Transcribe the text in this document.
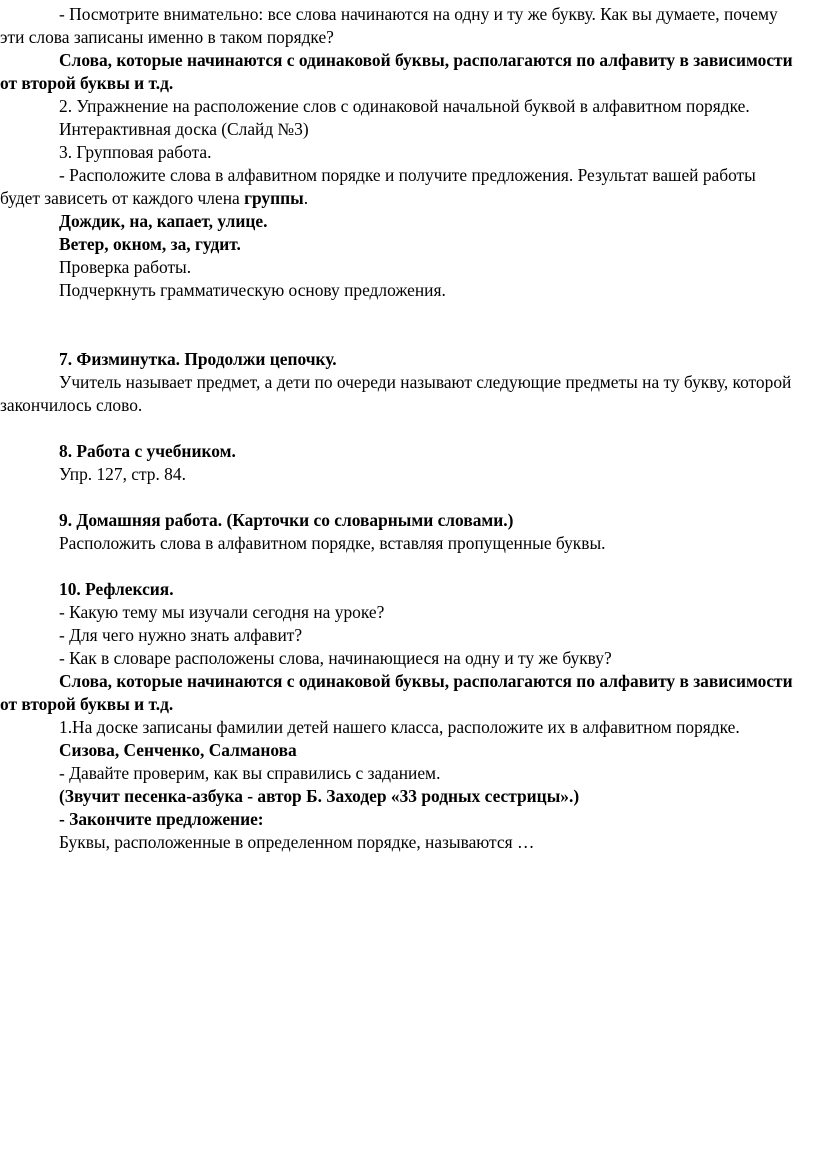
- Посмотрите внимательно: все слова начинаются на одну и ту же букву. Как вы думаете, почему эти слова записаны именно в таком порядке?

Слова, которые начинаются с одинаковой буквы, располагаются по алфавиту в зависимости от второй буквы и т.д.

2. Упражнение на расположение слов с одинаковой начальной буквой в алфавитном порядке.

Интерактивная доска (Слайд №3)

3. Групповая работа.

- Расположите слова в алфавитном порядке и получите предложения. Результат вашей работы будет зависеть от каждого члена группы.

Дождик, на, капает, улице.

Ветер, окном, за, гудит.

Проверка работы.

Подчеркнуть грамматическую основу предложения.

7. Физминутка. Продолжи цепочку.

Учитель называет предмет, а дети по очереди называют следующие предметы на ту букву, которой закончилось слово.

8. Работа с учебником.

Упр. 127, стр. 84.

9. Домашняя работа. (Карточки со словарными словами.)

Расположить слова в алфавитном порядке, вставляя пропущенные буквы.

10. Рефлексия.

- Какую тему мы изучали сегодня на уроке?

- Для чего нужно знать алфавит?

- Как в словаре расположены слова, начинающиеся на одну и ту же букву?

Слова, которые начинаются с одинаковой буквы, располагаются по алфавиту в зависимости от второй буквы и т.д.

1.На доске записаны фамилии детей нашего класса, расположите их в алфавитном порядке.

Сизова, Сенченко, Салманова

- Давайте проверим, как вы справились с заданием.

(Звучит песенка-азбука - автор Б. Заходер «33 родных сестрицы».)

- Закончите предложение:

Буквы, расположенные в определенном порядке, называются …
